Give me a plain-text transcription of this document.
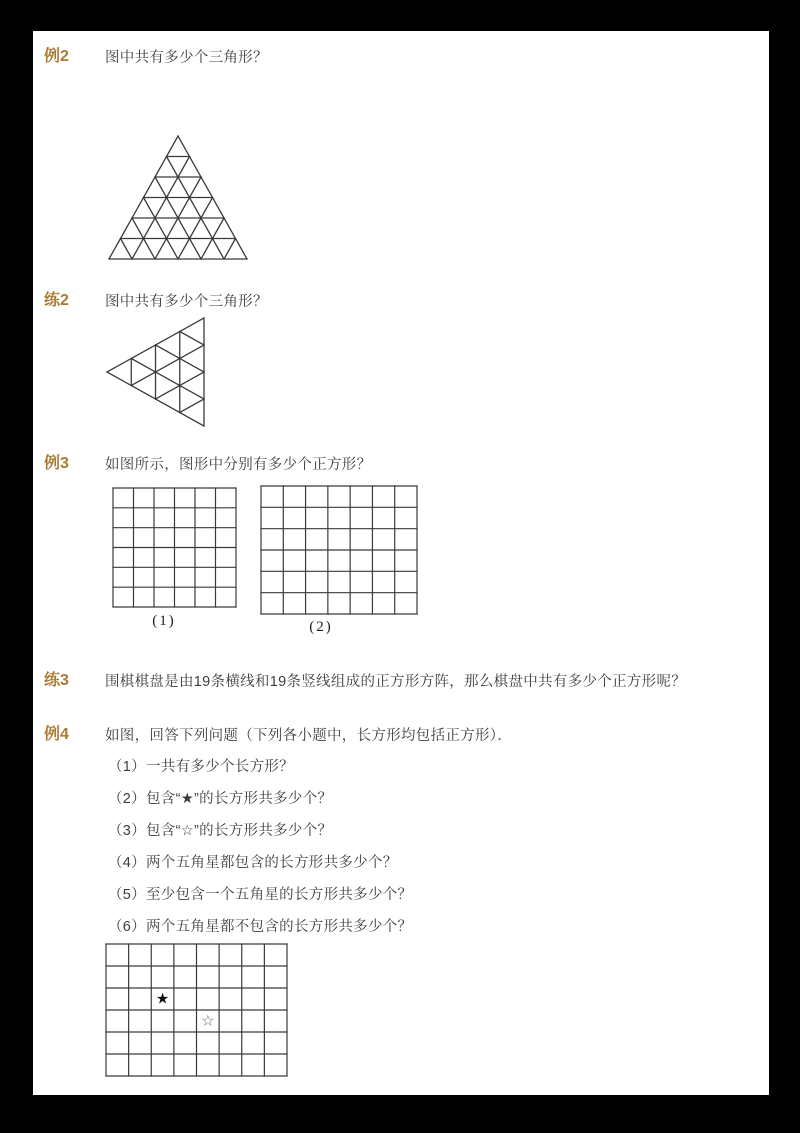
例2 图中共有多少个三角形？
练2 图中共有多少个三角形？
例3 如图所示，图形中分别有多少个正方形？
(1)	(2)
练3 围棋棋盘是由19条横线和19条竖线组成的正方形方阵，那么棋盘中共有多少个正方形呢？
例4 如图，回答下列问题（下列各小题中，长方形均包括正方形）．
（1）一共有多少个长方形？
（2）包含“★”的长方形共多少个？
（3）包含“☆”的长方形共多少个？
（4）两个五角星都包含的长方形共多少个？
（5）至少包含一个五角星的长方形共多少个？
（6）两个五角星都不包含的长方形共多少个？
★
☆
